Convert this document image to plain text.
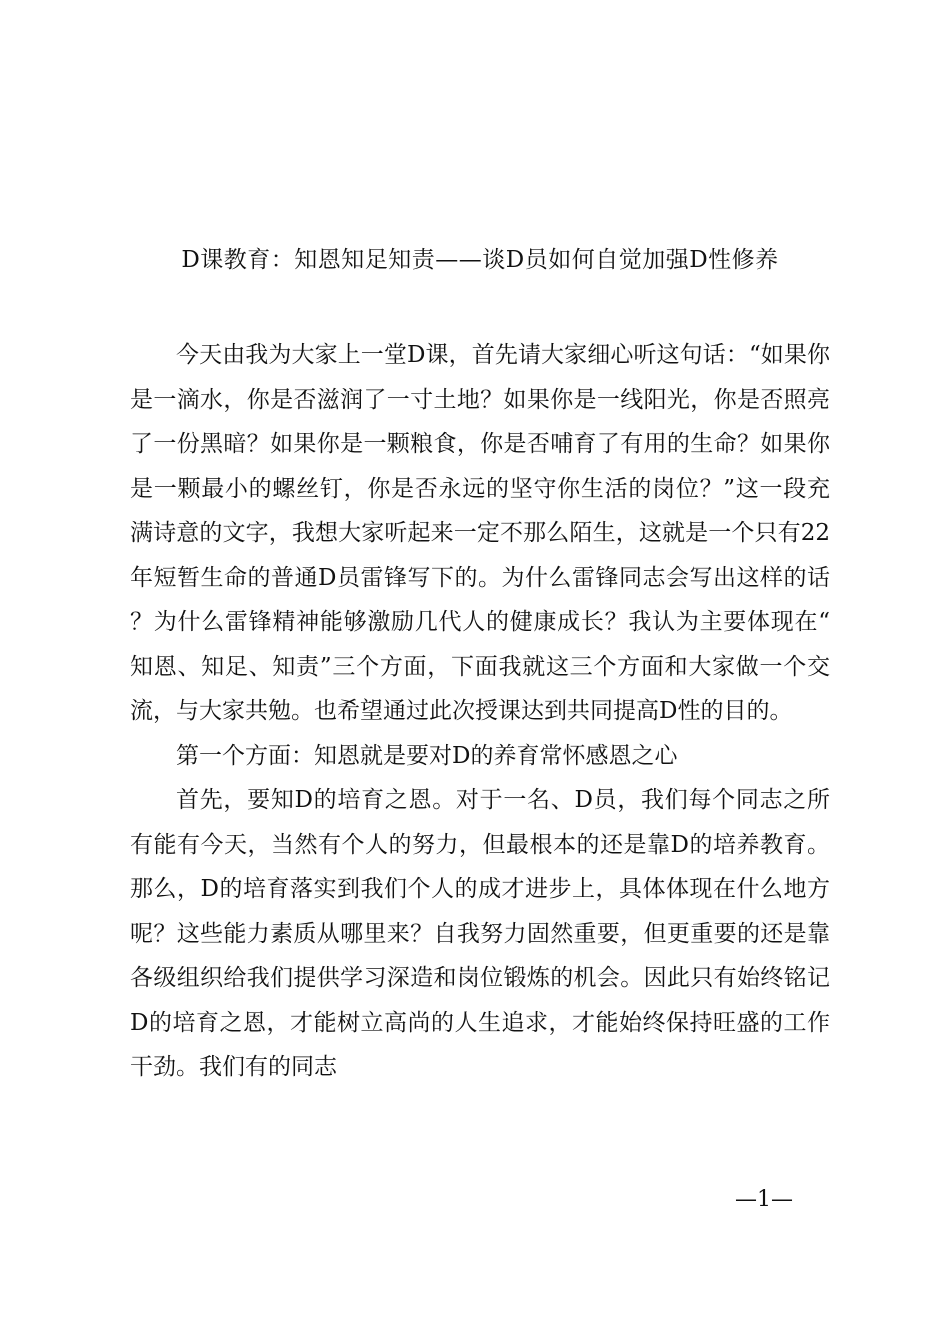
D课教育：知恩知足知责——谈D员如何自觉加强D性修养

今天由我为大家上一堂D课，首先请大家细心听这句话：“如果你是一滴水，你是否滋润了一寸土地？如果你是一线阳光，你是否照亮了一份黑暗？如果你是一颗粮食，你是否哺育了有用的生命？如果你是一颗最小的螺丝钉，你是否永远的坚守你生活的岗位？”这一段充满诗意的文字，我想大家听起来一定不那么陌生，这就是一个只有22年短暂生命的普通D员雷锋写下的。为什么雷锋同志会写出这样的话？为什么雷锋精神能够激励几代人的健康成长？我认为主要体现在“知恩、知足、知责”三个方面，下面我就这三个方面和大家做一个交流，与大家共勉。也希望通过此次授课达到共同提高D性的目的。

第一个方面：知恩就是要对D的养育常怀感恩之心

首先，要知D的培育之恩。对于一名、D员，我们每个同志之所有能有今天，当然有个人的努力，但最根本的还是靠D的培养教育。那么，D的培育落实到我们个人的成才进步上，具体体现在什么地方呢？这些能力素质从哪里来？自我努力固然重要，但更重要的还是靠各级组织给我们提供学习深造和岗位锻炼的机会。因此只有始终铭记D的培育之恩，才能树立高尚的人生追求，才能始终保持旺盛的工作干劲。我们有的同志

—1—
